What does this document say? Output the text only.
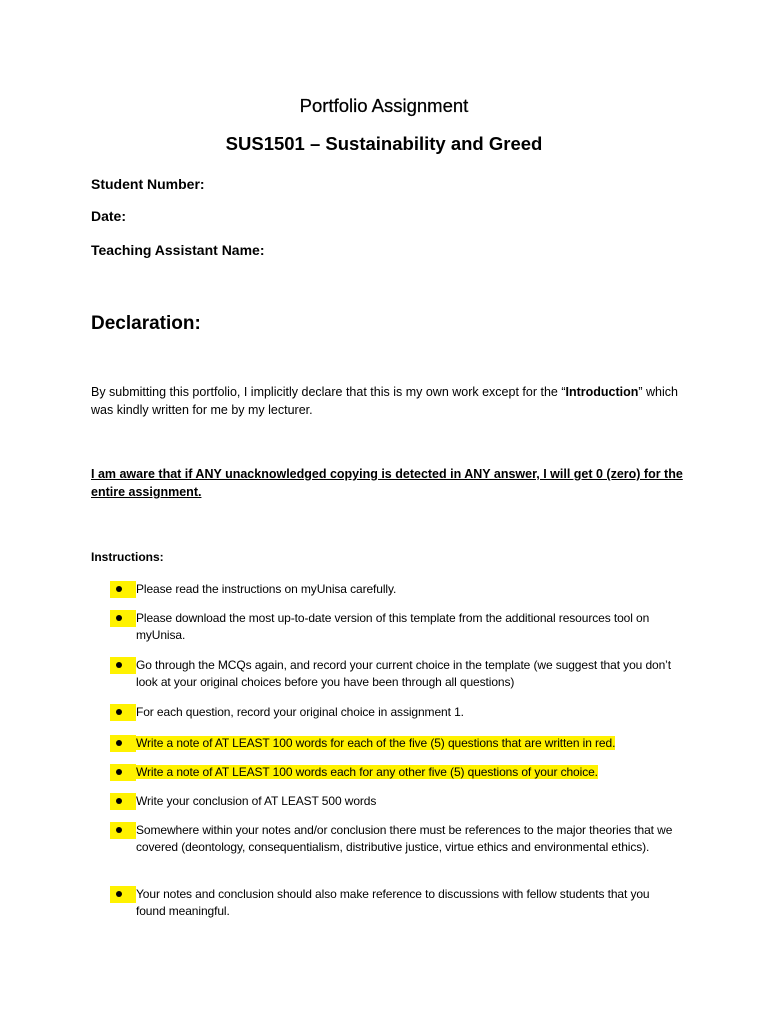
Portfolio Assignment
SUS1501 – Sustainability and Greed

Student Number:

Date:

Teaching Assistant Name:

Declaration:

By submitting this portfolio, I implicitly declare that this is my own work except for the “Introduction” which was kindly written for me by my lecturer.

I am aware that if ANY unacknowledged copying is detected in ANY answer, I will get 0 (zero) for the entire assignment.

Instructions:

Please read the instructions on myUnisa carefully.
Please download the most up-to-date version of this template from the additional resources tool on myUnisa.
Go through the MCQs again, and record your current choice in the template (we suggest that you don’t look at your original choices before you have been through all questions)
For each question, record your original choice in assignment 1.
Write a note of AT LEAST 100 words for each of the five (5) questions that are written in red.
Write a note of AT LEAST 100 words each for any other five (5) questions of your choice.
Write your conclusion of AT LEAST 500 words
Somewhere within your notes and/or conclusion there must be references to the major theories that we covered (deontology, consequentialism, distributive justice, virtue ethics and environmental ethics).
Your notes and conclusion should also make reference to discussions with fellow students that you found meaningful.
